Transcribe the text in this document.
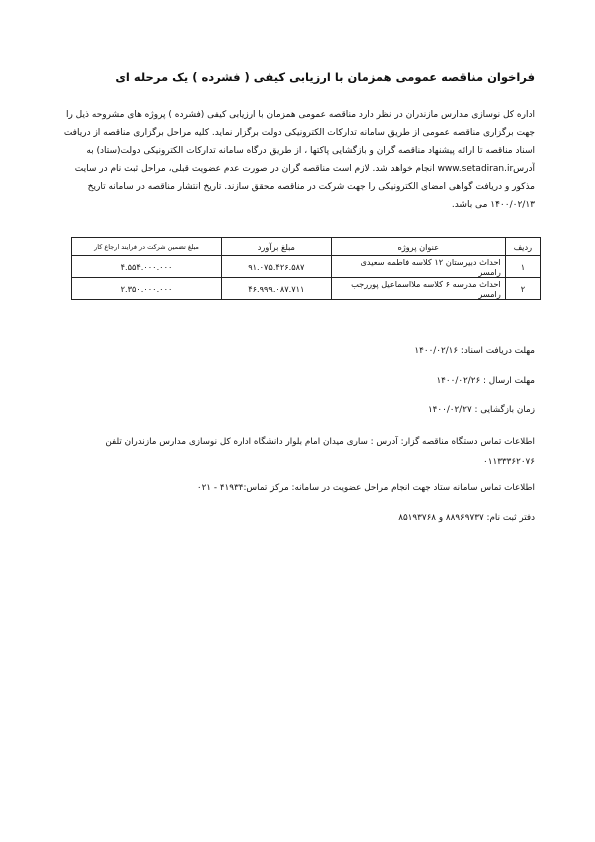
فراخوان مناقصه عمومی همزمان با ارزیابی کیفی ( فشرده ) یک مرحله ای
اداره کل نوسازی مدارس مازندران در نظر دارد مناقصه عمومی همزمان با ارزیابی کیفی (فشرده ) پروژه های مشروحه ذیل را
جهت برگزاری مناقصه عمومی از طریق سامانه تدارکات الکترونیکی دولت برگزار نماید. کلیه مراحل برگزاری مناقصه از دریافت
اسناد مناقصه تا ارائه پیشنهاد مناقصه گران و بازگشایی پاکتها ، از طریق درگاه سامانه تدارکات الکترونیکی دولت(ستاد) به
آدرسwww.setadiran.ir انجام خواهد شد. لازم است مناقصه گران در صورت عدم عضویت قبلی، مراحل ثبت نام در سایت
مذکور و دریافت گواهی امضای الکترونیکی را جهت شرکت در مناقصه محقق سازند. تاریخ انتشار مناقصه در سامانه تاریخ
۱۴۰۰/۰۲/۱۳ می باشد.
ردیف	عنوان پروژه	مبلغ برآورد	مبلغ تضمین شرکت در فرایند ارجاع کار
۱	احداث دبیرستان ۱۲ کلاسه فاطمه سعیدی رامسر	۹۱.۰۷۵.۴۲۶.۵۸۷	۴.۵۵۴.۰۰۰.۰۰۰
۲	احداث مدرسه ۶ کلاسه ملااسماعیل پوررجب رامسر	۴۶.۹۹۹.۰۸۷.۷۱۱	۲.۳۵۰.۰۰۰.۰۰۰
مهلت دریافت اسناد: ۱۴۰۰/۰۲/۱۶
مهلت ارسال : ۱۴۰۰/۰۲/۲۶
زمان بازگشایی : ۱۴۰۰/۰۲/۲۷
اطلاعات تماس دستگاه مناقصه گزار: آدرس : ساری میدان امام بلوار دانشگاه اداره کل نوسازی مدارس مازندران تلفن
۰۱۱۳۳۳۶۲۰۷۶
اطلاعات تماس سامانه ستاد جهت انجام مراحل عضویت در سامانه: مرکز تماس:۴۱۹۳۴ - ۰۲۱
دفتر ثبت نام: ۸۸۹۶۹۷۳۷ و ۸۵۱۹۳۷۶۸
